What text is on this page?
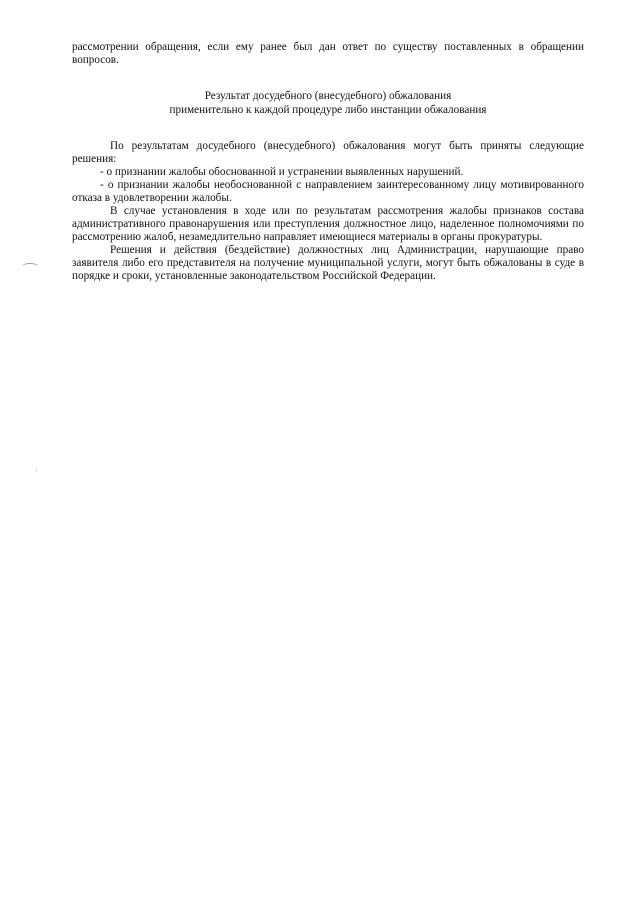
рассмотрении обращения, если ему ранее был дан ответ по существу поставленных в обращении вопросов.

Результат досудебного (внесудебного) обжалования
применительно к каждой процедуре либо инстанции обжалования

По результатам досудебного (внесудебного) обжалования могут быть приняты следующие решения:

- о признании жалобы обоснованной и устранении выявленных нарушений.

- о признании жалобы необоснованной с направлением заинтересованному лицу мотивированного отказа в удовлетворении жалобы.

В случае установления в ходе или по результатам рассмотрения жалобы признаков состава административного правонарушения или преступления должностное лицо, наделенное полномочиями по рассмотрению жалоб, незамедлительно направляет имеющиеся материалы в органы прокуратуры.

Решения и действия (бездействие) должностных лиц Администрации, нарушающие право заявителя либо его представителя на получение муниципальной услуги, могут быть обжалованы в суде в порядке и сроки, установленные законодательством Российской Федерации.
